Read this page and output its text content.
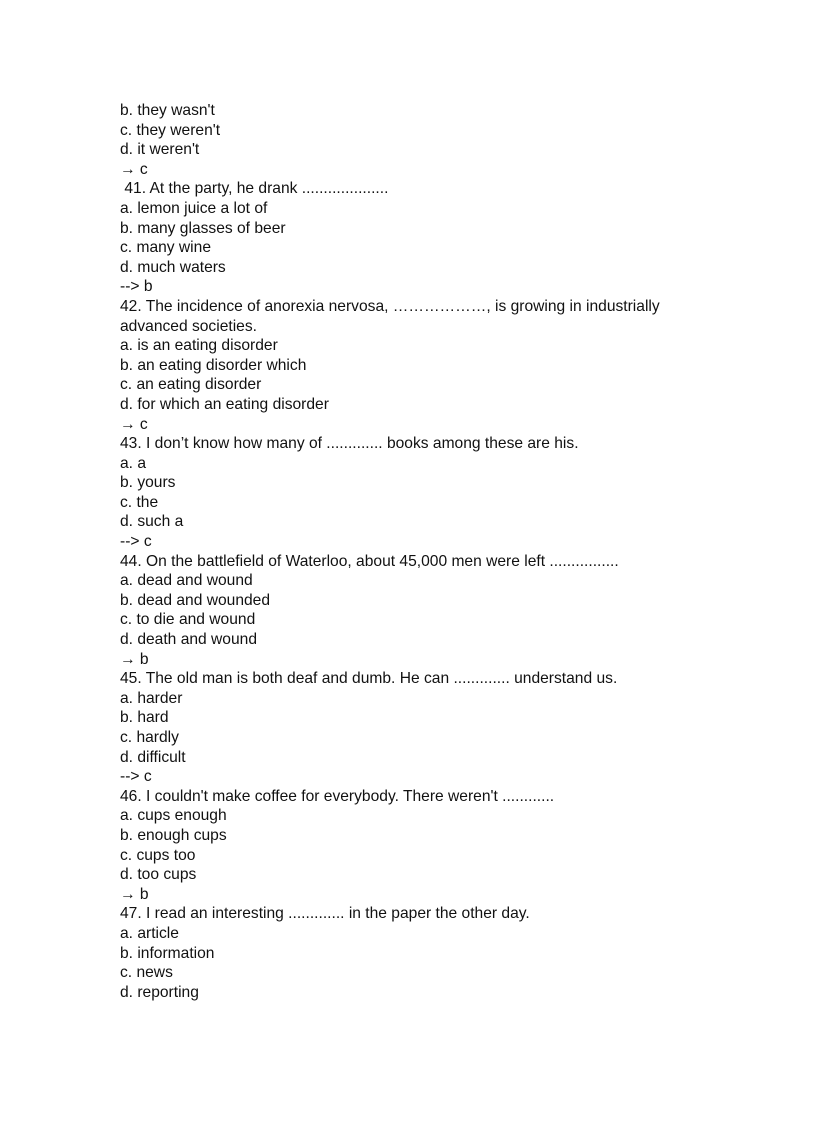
b. they wasn't
c. they weren't
d. it weren't
→ c
41. At the party, he drank ....................
a. lemon juice a lot of
b. many glasses of beer
c. many wine
d. much waters
--> b
42. The incidence of anorexia nervosa, ………………, is growing in industrially
advanced societies.
a. is an eating disorder
b. an eating disorder which
c. an eating disorder
d. for which an eating disorder
→ c
43. I don’t know how many of ............. books among these are his.
a. a
b. yours
c. the
d. such a
--> c
44. On the battlefield of Waterloo, about 45,000 men were left ................
a. dead and wound
b. dead and wounded
c. to die and wound
d. death and wound
→ b
45. The old man is both deaf and dumb. He can ............. understand us.
a. harder
b. hard
c. hardly
d. difficult
--> c
46. I couldn't make coffee for everybody. There weren't ............
a. cups enough
b. enough cups
c. cups too
d. too cups
→ b
47. I read an interesting ............. in the paper the other day.
a. article
b. information
c. news
d. reporting
